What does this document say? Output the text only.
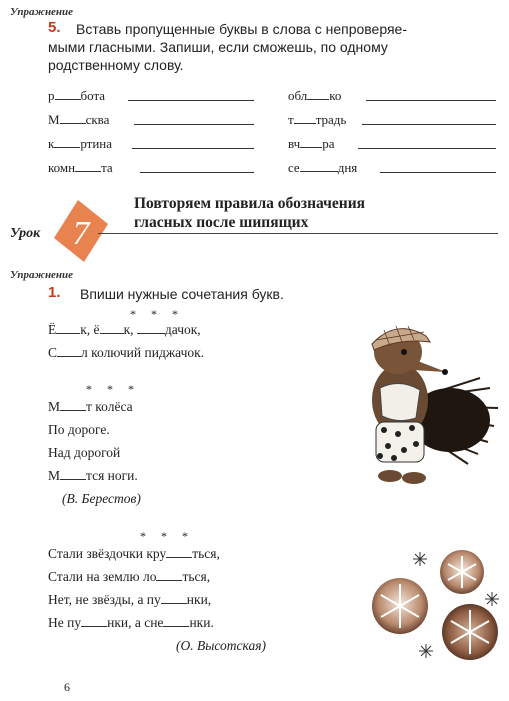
Упражнение
5. Вставь пропущенные буквы в слова с непроверяе-
мыми гласными. Запиши, если сможешь, по одному
родственному слову.
р бота
М сква
к ртина
комн та
обл ко
т традь
вч ра
се	дня
Урок 7
Повторяем правила обозначения
гласных после шипящих
Упражнение
1. Впиши нужные сочетания букв.
* * *
Ё к, ё к, дачок,
С л колючий пиджачок.
* * *
М т колёса
По дороге.
Над дорогой
М тся ноги.
(В. Берестов)
* * *
Стали звёздочки кру ться,
Стали на землю ло ться,
Нет, не звёзды, а пу нки,
Не пу нки, а сне нки.
(О. Высотская)
6
